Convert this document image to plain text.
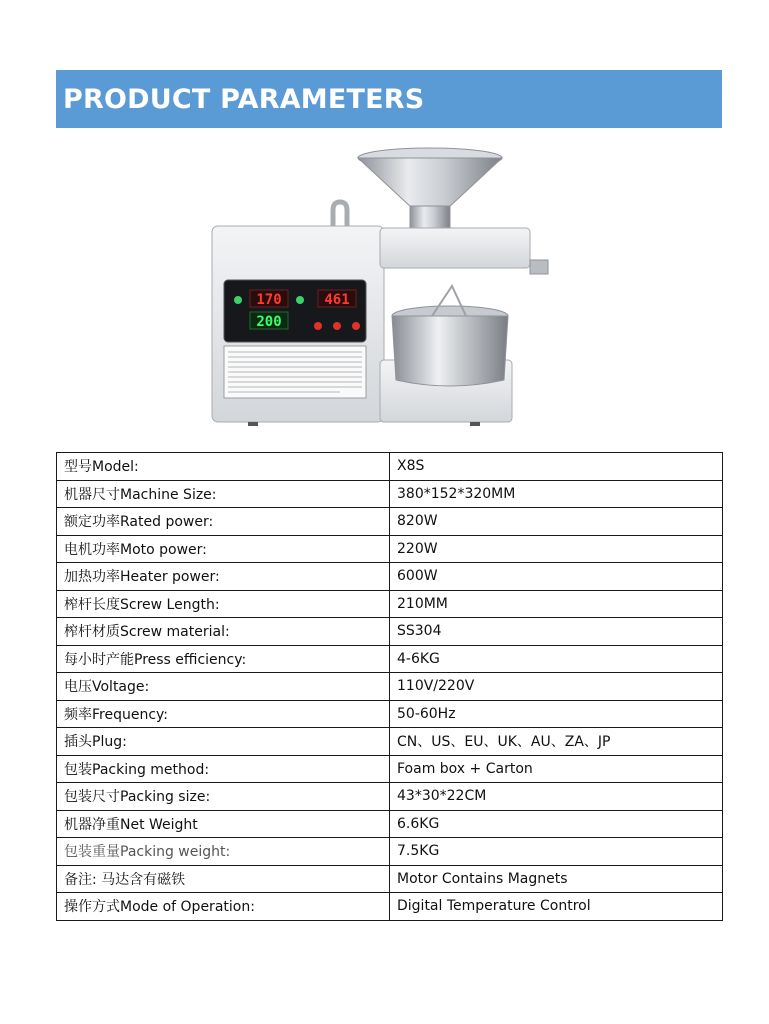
PRODUCT PARAMETERS
170
200
461
型号Model:	X8S
机器尺寸Machine Size:	380*152*320MM
额定功率Rated power:	820W
电机功率Moto power:	220W
加热功率Heater power:	600W
榨杆长度Screw Length:	210MM
榨杆材质Screw material:	SS304
每小时产能Press efficiency:	4-6KG
电压Voltage:	110V/220V
频率Frequency:	50-60Hz
插头Plug:	CN、US、EU、UK、AU、ZA、JP
包装Packing method:	Foam box + Carton
包装尺寸Packing size:	43*30*22CM
机器净重Net Weight	6.6KG
包装重量Packing weight:	7.5KG
备注: 马达含有磁铁	Motor Contains Magnets
操作方式Mode of Operation:	Digital Temperature Control
